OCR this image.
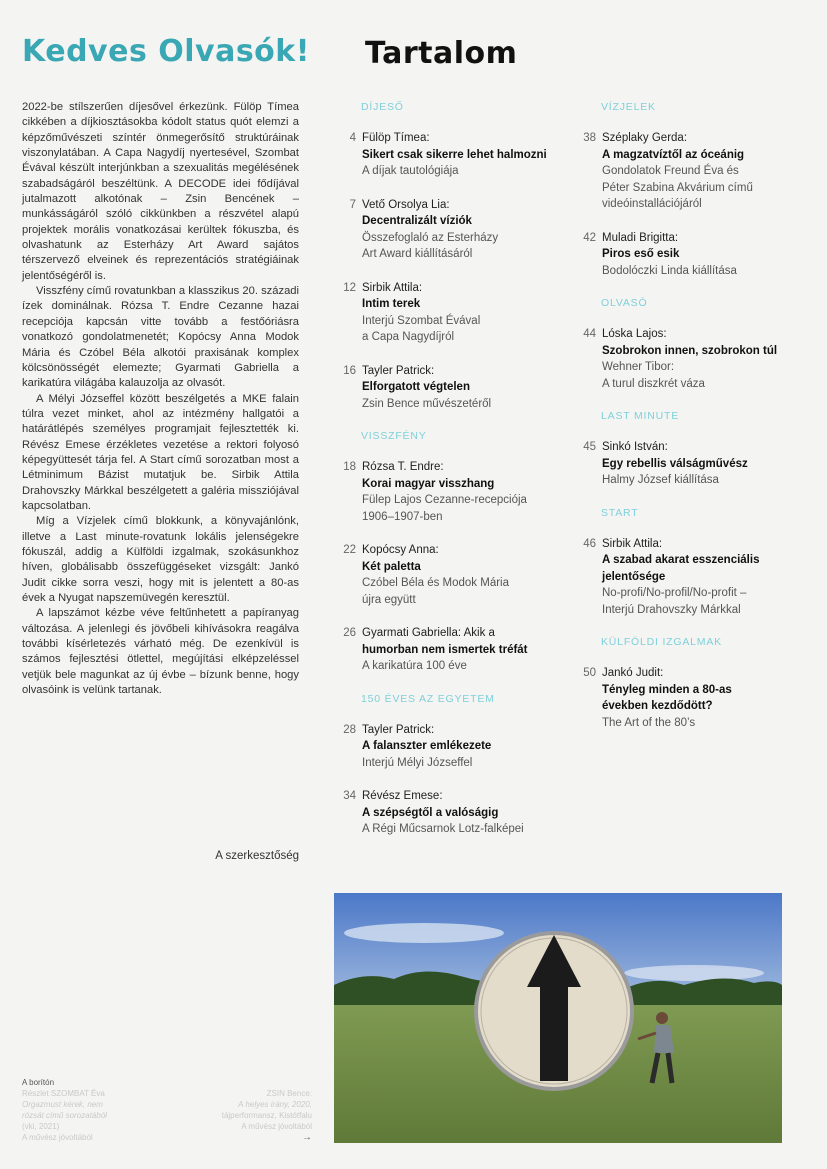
Kedves Olvasók! Tartalom

2022-be stílszerűen díjesővel érkezünk. Fülöp Tímea cikkében a díjkiosztásokba kódolt status quót elemzi a képzőművészeti színtér önmegerősítő struktúráinak viszonylatában. A Capa Nagydíj nyertesével, Szombat Évával készült interjúnkban a szexualitás megélésének szabadságáról beszéltünk. A DECODE idei fődíjával jutalmazott alkotónak – Zsin Bencének – munkásságáról szóló cikkünkben a részvétel alapú projektek morális vonatkozásai kerültek fókuszba, és olvashatunk az Esterházy Art Award sajátos térszervező elveinek és reprezentációs stratégiáinak jelentőségéről is.

Visszfény című rovatunkban a klasszikus 20. századi ízek dominálnak. Rózsa T. Endre Cezanne hazai recepciója kapcsán vitte tovább a festőóriásra vonatkozó gondolatmenetét; Kopócsy Anna Modok Mária és Czóbel Béla alkotói praxisának komplex kölcsönösségét elemezte; Gyarmati Gabriella a karikatúra világába kalauzolja az olvasót.

A Mélyi Józseffel között beszélgetés a MKE falain túlra vezet minket, ahol az intézmény hallgatói a határátlépés személyes programjait fejlesztették ki. Révész Emese érzékletes vezetése a rektori folyosó képegyüttesét tárja fel. A Start című sorozatban most a Létminimum Bázist mutatjuk be. Sirbik Attila Drahovszky Márkkal beszélgetett a galéria missziójával kapcsolatban.

Míg a Vízjelek című blokkunk, a könyvajánlónk, illetve a Last minute-rovatunk lokális jelenségekre fókuszál, addig a Külföldi izgalmak, szokásunkhoz híven, globálisabb összefüggéseket vizsgált: Jankó Judit cikke sorra veszi, hogy mit is jelentett a 80-as évek a Nyugat napszemüvegén keresztül.

A lapszámot kézbe véve feltűnhetett a papíranyag változása. A jelenlegi és jövőbeli kihívásokra reagálva további kísérletezés várható még. De ezenkívül is számos fejlesztési ötlettel, megújítási elképzeléssel vetjük bele magunkat az új évbe – bízunk benne, hogy olvasóink is velünk tartanak.

A szerkesztőség
DÍJESŐ
4 Fülöp Tímea:
Sikert csak sikerre lehet halmozni
A díjak tautológiája
7 Vető Orsolya Lia:
Decentralizált víziók
Összefoglaló az Esterházy
Art Award kiállításáról
12 Sirbik Attila:
Intim terek
Interjú Szombat Évával
a Capa Nagydíjról
16 Tayler Patrick:
Elforgatott végtelen
Zsin Bence művészetéről
VISSZFÉNY
18 Rózsa T. Endre:
Korai magyar visszhang
Fülep Lajos Cezanne-recepciója
1906–1907-ben
22 Kopócsy Anna:
Két paletta
Czóbel Béla és Modok Mária
újra együtt
26 Gyarmati Gabriella: Akik a
humorban nem ismertek tréfát
A karikatúra 100 éve
150 ÉVES AZ EGYETEM
28 Tayler Patrick:
A falanszter emlékezete
Interjú Mélyi Józseffel
34 Révész Emese:
A szépségtől a valóságig
A Régi Műcsarnok Lotz-falképei
VÍZJELEK
38 Széplaky Gerda:
A magzatvíztől az óceánig
Gondolatok Freund Éva és
Péter Szabina Akvárium című
videóinstallációjáról
42 Muladi Brigitta:
Piros eső esik
Bodolóczki Linda kiállítása
OLVASÓ
44 Lóska Lajos:
Szobrokon innen, szobrokon túl
Wehner Tibor:
A turul diszkrét váza
LAST MINUTE
45 Sinkó István:
Egy rebellis válságművész
Halmy József kiállítása
START
46 Sirbik Attila:
A szabad akarat esszenciális
jelentősége
No-profi/No-profil/No-profit –
Interjú Drahovszky Márkkal
KÜLFÖLDI IZGALMAK
50 Jankó Judit:
Tényleg minden a 80-as
években kezdődött?
The Art of the 80’s
A borítón
Részlet SZOMBAT Éva
Orgazmust kérek, nem
rózsát című sorozatából
(vki, 2021)
A művész jóvoltából
ZSIN Bence:
A helyes irány, 2020,
tájperformansz, Kistótfalu
A művész jóvoltából
→
